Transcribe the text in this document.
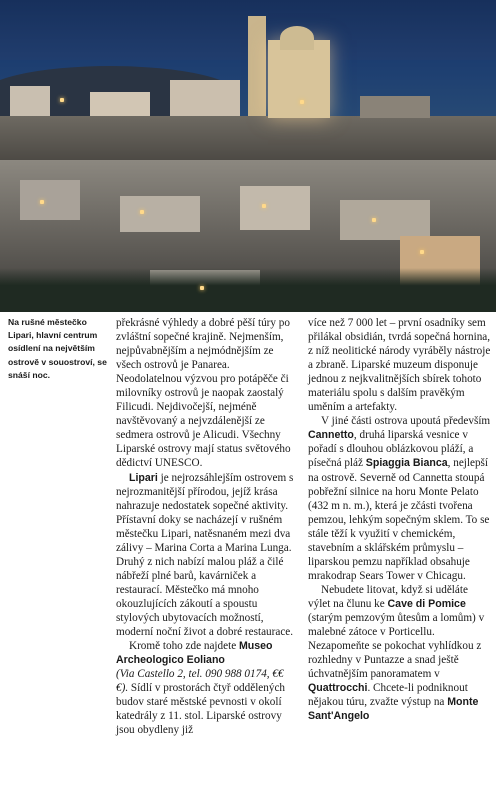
Na rušné městečko Lipari, hlavní centrum osídlení na největším ostrově v souostroví, se snáší noc.

překrásné výhledy a dobré pěší túry po zvláštní sopečné krajině. Nejmenším, nejpůvabnějším a nejmódnějším ze všech ostrovů je Panarea. Neodolatelnou výzvou pro potápěče či milovníky ostrovů je naopak zaostalý Filicudi. Nejdivočejší, nejméně navštěvovaný a nejvzdálenější ze sedmera ostrovů je Alicudi. Všechny Liparské ostrovy mají status světového dědictví UNESCO.

Lipari je nejrozsáhlejším ostrovem s nejrozmanitější přírodou, jejíž krása nahrazuje nedostatek sopečné aktivity. Přístavní doky se nacházejí v rušném městečku Lipari, natěsnaném mezi dva zálivy – Marina Corta a Marina Lunga. Druhý z nich nabízí malou pláž a čilé nábřeží plné barů, kavárniček a restaurací. Městečko má mnoho okouzlujících zákoutí a spoustu stylových ubytovacích možností, moderní noční život a dobré restaurace.

Kromě toho zde najdete Museo Archeologico Eoliano
(Via Castello 2, tel. 090 988 0174, €€€). Sídlí v prostorách čtyř oddělených budov staré městské pevnosti v okolí katedrály z 11. stol. Liparské ostrovy jsou obydleny již

více než 7 000 let – první osadníky sem přilákal obsidián, tvrdá sopečná hornina, z níž neolitické národy vyráběly nástroje a zbraně. Liparské muzeum disponuje jednou z nejkvalitnějších sbírek tohoto materiálu spolu s dalším pravěkým uměním a artefakty.

V jiné části ostrova upoutá především Cannetto, druhá liparská vesnice v pořadí s dlouhou oblázkovou pláží, a písečná pláž Spiaggia Bianca, nejlepší na ostrově. Severně od Cannetta stoupá pobřežní silnice na horu Monte Pelato (432 m n. m.), která je zčásti tvořena pemzou, lehkým sopečným sklem. To se stále těží k využití v chemickém, stavebním a sklářském průmyslu – liparskou pemzu například obsahuje mrakodrap Sears Tower v Chicagu.

Nebudete litovat, když si uděláte výlet na člunu ke Cave di Pomice (starým pemzovým ůtesům a lomům) v malebné zátoce v Porticellu. Nezapomeňte se pokochat vyhlídkou z rozhledny v Puntazze a snad ještě úchvatnějším panoramatem v Quattrocchi. Chcete-li podniknout nějakou túru, zvažte výstup na Monte Sant'Angelo
